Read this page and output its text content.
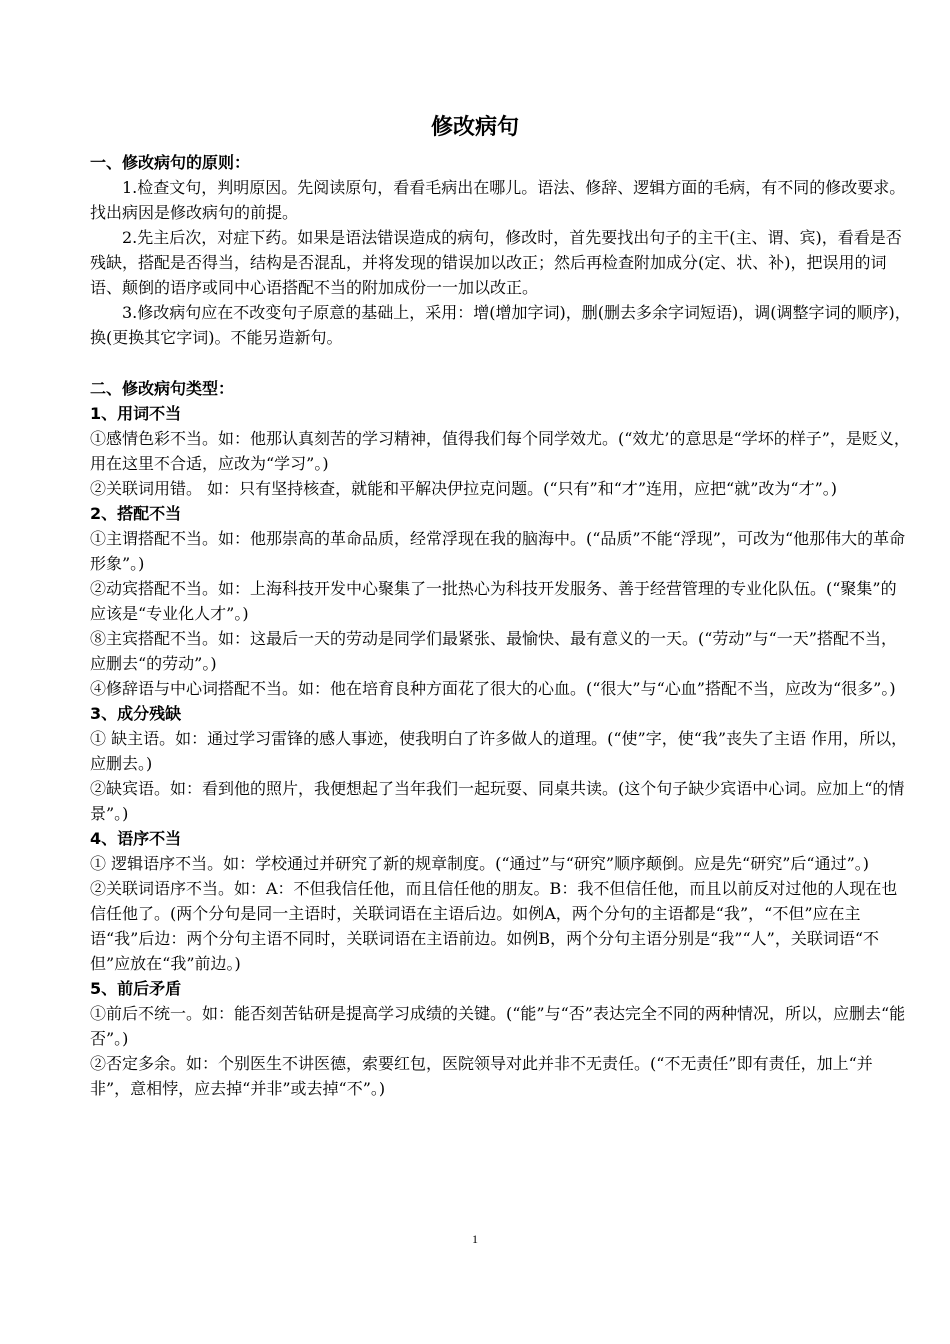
修改病句

一、修改病句的原则：

1.检查文句，判明原因。先阅读原句，看看毛病出在哪儿。语法、修辞、逻辑方面的毛病，有不同的修改要求。找出病因是修改病句的前提。

2.先主后次，对症下药。如果是语法错误造成的病句，修改时，首先要找出句子的主干(主、谓、宾)，看看是否残缺，搭配是否得当，结构是否混乱，并将发现的错误加以改正；然后再检查附加成分(定、状、补)，把误用的词语、颠倒的语序或同中心语搭配不当的附加成份一一加以改正。

3.修改病句应在不改变句子原意的基础上，采用：增(增加字词)，删(删去多余字词短语)，调(调整字词的顺序)，换(更换其它字词)。不能另造新句。

二、修改病句类型：

1、用词不当

①感情色彩不当。如：他那认真刻苦的学习精神，值得我们每个同学效尤。(“效尤’的意思是“学坏的样子”，是贬义，用在这里不合适，应改为“学习”。)

②关联词用错。 如：只有坚持核查，就能和平解决伊拉克问题。(“只有”和“才”连用，应把“就”改为“才”。)

2、搭配不当

①主谓搭配不当。如：他那崇高的革命品质，经常浮现在我的脑海中。(“品质”不能“浮现”，可改为“他那伟大的革命形象”。)

②动宾搭配不当。如：上海科技开发中心聚集了一批热心为科技开发服务、善于经营管理的专业化队伍。(“聚集”的应该是“专业化人才”。)

⑧主宾搭配不当。如：这最后一天的劳动是同学们最紧张、最愉快、最有意义的一天。(“劳动”与“一天”搭配不当，应删去“的劳动”。)

④修辞语与中心词搭配不当。如：他在培育良种方面花了很大的心血。(“很大”与“心血”搭配不当，应改为“很多”。)

3、成分残缺

① 缺主语。如：通过学习雷锋的感人事迹，使我明白了许多做人的道理。(“使”字，使“我”丧失了主语 作用，所以，应删去。)

②缺宾语。如：看到他的照片，我便想起了当年我们一起玩耍、同桌共读。(这个句子缺少宾语中心词。应加上“的情景”。)

4、语序不当

① 逻辑语序不当。如：学校通过并研究了新的规章制度。(“通过”与“研究”顺序颠倒。应是先“研究”后“通过”。)

②关联词语序不当。如：A：不但我信任他，而且信任他的朋友。B：我不但信任他，而且以前反对过他的人现在也信任他了。(两个分句是同一主语时，关联词语在主语后边。如例A，两个分句的主语都是“我”，“不但”应在主语“我”后边：两个分句主语不同时，关联词语在主语前边。如例B，两个分句主语分别是“我”“人”，关联词语“不但”应放在“我”前边。)

5、前后矛盾

①前后不统一。如：能否刻苦钻研是提高学习成绩的关键。(“能”与“否”表达完全不同的两种情况，所以，应删去“能否”。)

②否定多余。如：个别医生不讲医德，索要红包，医院领导对此并非不无责任。(“不无责任”即有责任，加上“并非”，意相悖，应去掉“并非”或去掉“不”。)

1
